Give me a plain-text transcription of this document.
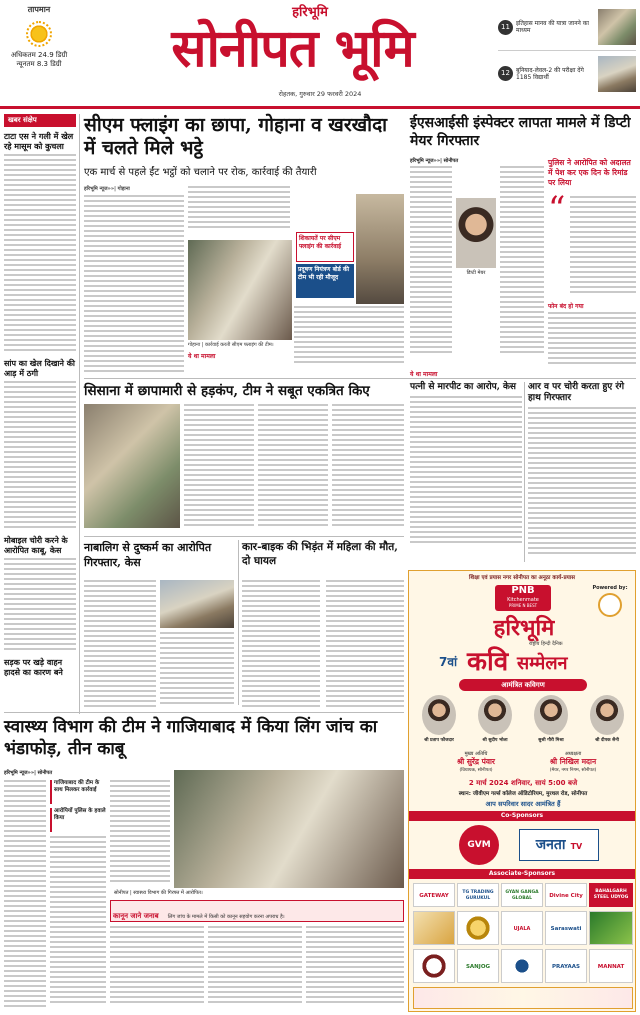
तापमान
अधिकतम 24.9 डिग्री
न्यूनतम 8.3 डिग्री
हरिभूमि
सोनीपत भूमि
रोहतक, गुरुवार 29 फरवरी 2024
11	इतिहास मानव की यात्रा जानने का माध्यम
12	बुनियाद-लेवल-2 की परीक्षा देंगे 1185 विद्यार्थी
खबर संक्षेप
टाटा एस ने गली में खेल रहे मासूम को कुचला
सांप का खेल दिखाने की आड़ में ठगी
मोबाइल चोरी करने के आरोपित काबू, केस
सड़क पर खड़े वाहन हादसे का कारण बने
सीएम फ्लाइंग का छापा, गोहाना व खरखौदा में चलते मिले भट्ठे
एक मार्च से पहले ईंट भट्ठों को चलाने पर रोक, कार्रवाई की तैयारी
हरिभूमि न्यूज»»| गोहाना
शिकायतें पर सीएम फ्लाइंग की कार्रवाई
प्रदूषण नियंत्रण बोर्ड की टीम भी रही मौजूद
गोहाना | कार्रवाई करती सीएम फ्लाइंग की टीम।
ये था मामला
ईएसआईसी इंस्पेक्टर लापता मामले में डिप्टी मेयर गिरफ्तार
हरिभूमि न्यूज»»| सोनीपत
डिप्टी मेयर
पुलिस ने आरोपित को अदालत में पेश कर एक दिन के रिमांड पर लिया
“
फोन बंद हो गया
ये था मामला
सिसाना में छापामारी से हड़कंप, टीम ने सबूत एकत्रित किए	पत्नी से मारपीट का आरोप, केस	आर व पर चोरी करता हुए रंगे हाथ गिरफ्तार
नाबालिग से दुष्कर्म का आरोपित गिरफ्तार, केस
कार-बाइक की भिड़ंत में महिला की मौत, दो घायल
स्वास्थ्य विभाग की टीम ने गाजियाबाद में किया लिंग जांच का भंडाफोड़, तीन काबू
हरिभूमि न्यूज»»| सोनीपत
गाजियाबाद की टीम के साथ मिलकर कार्रवाई
आरोपियों पुलिस के हवाले किया
सोनीपत | स्वास्थ्य विभाग की गिरफ्त में आरोपित।
कानून जाने जनाब लिंग जांच के मामले में किसी को कानून सहयोग करना अपराध है।
शिक्षा एवं प्रयास नगर सोनीपत का अनूठा कार्य-प्रयास
PNB
Kitchenmate
PRIME N BEST
Powered by:
हरिभूमि
राष्ट्रीय हिन्दी दैनिक
7वां कवि सम्मेलन
आमंत्रित कविगण
श्री प्रताप फौजदार	श्री सुदीप भोला	सुश्री गौरी मिश्रा	श्री दीपक सैनी
मुख्य अतिथि
श्री सुरेंद्र पंवार
(विधायक, सोनीपत)
अध्यक्षता
श्री निखिल मदान
(मेयर, नगर निगम, सोनीपत)
2 मार्च 2024 शनिवार, सायं 5:00 बजे
स्थान: जीवीएम गर्ल्स कॉलेज ऑडिटोरियम, मुरथल रोड, सोनीपत
आप सपरिवार सादर आमंत्रित हैं
Co-Sponsors
GVM	जनता TV
Associate-Sponsors
GATEWAY
TG TRADING GURUKUL
GYAN GANGA GLOBAL	Divine City
BAHALGARH STEEL UDYOG
UJALA	Saraswati
SANJOG	PRAYAAS	MANNAT
